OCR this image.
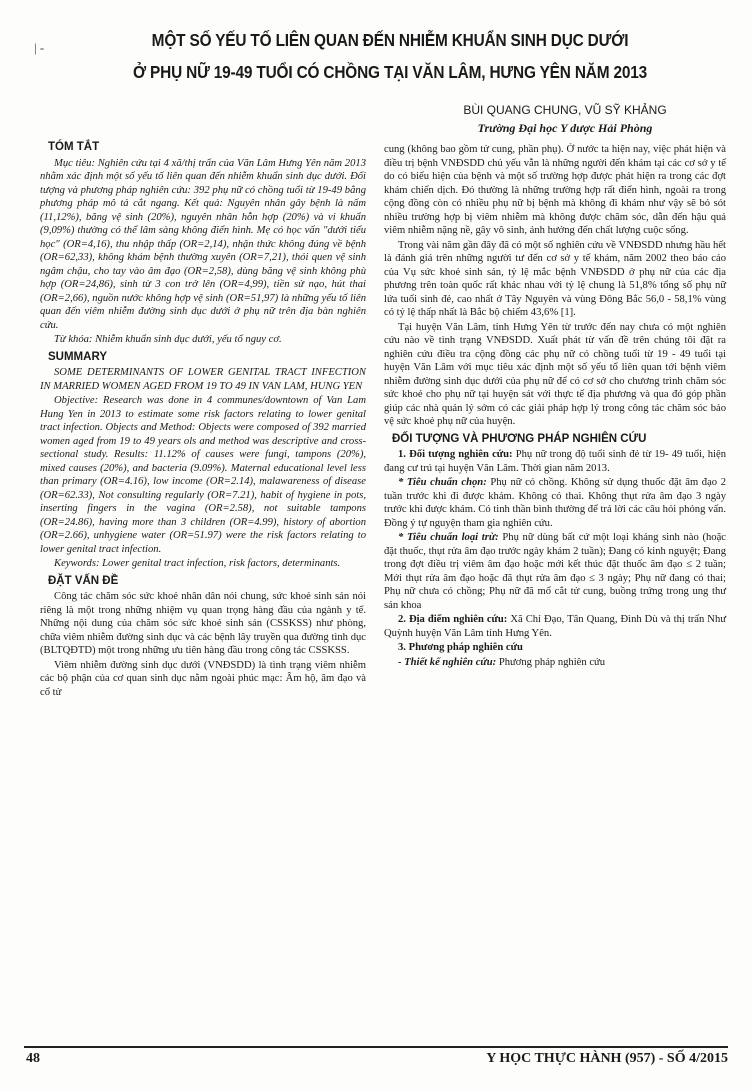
| -	MỘT SỐ YẾU TỐ LIÊN QUAN ĐẾN NHIỄM KHUẨN SINH DỤC DƯỚI
Ở PHỤ NỮ 19-49 TUỔI CÓ CHỒNG TẠI VĂN LÂM, HƯNG YÊN NĂM 2013
BÙI QUANG CHUNG, VŨ SỸ KHẢNG
Trường Đại học Y dược Hải Phòng
TÓM TẮT

Mục tiêu: Nghiên cứu tại 4 xã/thị trấn của Văn Lâm Hưng Yên năm 2013 nhằm xác định một số yếu tố liên quan đến nhiễm khuẩn sinh dục dưới. Đối tượng và phương pháp nghiên cứu: 392 phụ nữ có chồng tuổi từ 19-49 bằng phương pháp mô tả cắt ngang. Kết quả: Nguyên nhân gây bệnh là nấm (11,12%), băng vệ sinh (20%), nguyên nhân hỗn hợp (20%) và vi khuẩn (9,09%) thường có thể lâm sàng không điển hình. Mẹ có học vấn "dưới tiểu học" (OR=4,16), thu nhập thấp (OR=2,14), nhận thức không đúng về bệnh (OR=62,33), không khám bệnh thường xuyên (OR=7,21), thói quen vệ sinh ngâm chậu, cho tay vào âm đạo (OR=2,58), dùng băng vệ sinh không phù hợp (OR=24,86), sinh từ 3 con trở lên (OR=4,99), tiền sử nạo, hút thai (OR=2,66), nguồn nước không hợp vệ sinh (OR=51,97) là những yếu tố liên quan đến viêm nhiễm đường sinh dục dưới ở phụ nữ trên địa bàn nghiên cứu.

Từ khóa: Nhiễm khuẩn sinh dục dưới, yếu tố nguy cơ.

SUMMARY

SOME DETERMINANTS OF LOWER GENITAL TRACT INFECTION IN MARRIED WOMEN AGED FROM 19 TO 49 IN VAN LAM, HUNG YEN

Objective: Research was done in 4 communes/downtown of Van Lam Hung Yen in 2013 to estimate some risk factors relating to lower genital tract infection. Objects and Method: Objects were composed of 392 married women aged from 19 to 49 years ols and method was descriptive and cross-sectional study. Results: 11.12% of causes were fungi, tampons (20%), mixed causes (20%), and bacteria (9.09%). Maternal educational level less than primary (OR=4.16), low income (OR=2.14), malawareness of disease (OR=62.33), Not consulting regularly (OR=7.21), habit of hygiene in pots, inserting fingers in the vagina (OR=2.58), not suitable tampons (OR=24.86), having more than 3 children (OR=4.99), history of abortion (OR=2.66), unhygiene water (OR=51.97) were the risk factors relating to lower genital tract infection.

Keywords: Lower genital tract infection, risk factors, determinants.

ĐẶT VẤN ĐỀ

Công tác chăm sóc sức khoẻ nhân dân nói chung, sức khoẻ sinh sản nói riêng là một trong những nhiệm vụ quan trọng hàng đầu của ngành y tế. Những nội dung của chăm sóc sức khoẻ sinh sản (CSSKSS) như phòng, chữa viêm nhiễm đường sinh dục và các bệnh lây truyền qua đường tình dục (BLTQĐTD) một trong những ưu tiên hàng đầu trong công tác CSSKSS.

Viêm nhiễm đường sinh dục dưới (VNĐSDD) là tình trạng viêm nhiễm các bộ phận của cơ quan sinh dục nằm ngoài phúc mạc: Âm hộ, âm đạo và cổ tử

cung (không bao gồm tử cung, phần phụ). Ở nước ta hiện nay, việc phát hiện và điều trị bệnh VNĐSDD chủ yếu vẫn là những người đến khám tại các cơ sở y tế do có biểu hiện của bệnh và một số trường hợp được phát hiện ra trong các đợt khám chiến dịch. Đó thường là những trường hợp rất điển hình, ngoài ra trong cộng đồng còn có nhiều phụ nữ bị bệnh mà không đi khám như vậy sẽ bỏ sót nhiều trường hợp bị viêm nhiễm mà không được chăm sóc, dẫn đến hậu quả viêm nhiễm nặng nề, gây vô sinh, ảnh hưởng đến chất lượng cuộc sống.

Trong vài năm gần đây đã có một số nghiên cứu về VNĐSDD nhưng hầu hết là đánh giá trên những người tư đến cơ sở y tế khám, năm 2002 theo báo cáo của Vụ sức khoẻ sinh sản, tỷ lệ mắc bệnh VNĐSDD ở phụ nữ của các địa phương trên toàn quốc rất khác nhau với tỷ lệ chung là 51,8% tổng số phụ nữ lứa tuổi sinh đẻ, cao nhất ở Tây Nguyên và vùng Đông Bắc 56,0 - 58,1% vùng có tỷ lệ thấp nhất là Bắc bộ chiếm 43,6% [1].

Tại huyện Văn Lâm, tỉnh Hưng Yên từ trước đến nay chưa có một nghiên cứu nào về tình trạng VNĐSDD. Xuất phát từ vấn đề trên chúng tôi đặt ra nghiên cứu điều tra cộng đồng các phụ nữ có chồng tuổi từ 19 - 49 tuổi tại huyện Văn Lâm với mục tiêu xác định một số yếu tố liên quan tới bệnh viêm nhiễm đường sinh dục dưới của phụ nữ để có cơ sở cho chương trình chăm sóc sức khoẻ cho phụ nữ tại huyện sát với thực tế địa phương và qua đó góp phần giúp các nhà quản lý sớm có các giải pháp hợp lý trong công tác chăm sóc bảo vệ sức khoẻ phụ nữ của huyện.

ĐỐI TƯỢNG VÀ PHƯƠNG PHÁP NGHIÊN CỨU

1. Đối tượng nghiên cứu: Phụ nữ trong độ tuổi sinh đẻ từ 19- 49 tuổi, hiện đang cư trú tại huyện Văn Lâm. Thời gian năm 2013.

* Tiêu chuẩn chọn: Phụ nữ có chồng. Không sử dụng thuốc đặt âm đạo 2 tuần trước khi đi được khám. Không có thai. Không thụt rửa âm đạo 3 ngày trước khi được khám. Có tinh thần bình thường để trả lời các câu hỏi phỏng vấn. Đồng ý tự nguyện tham gia nghiên cứu.

* Tiêu chuẩn loại trừ: Phụ nữ dùng bất cứ một loại kháng sinh nào (hoặc đặt thuốc, thụt rửa âm đạo trước ngày khám 2 tuần); Đang có kinh nguyệt; Đang trong đợt điều trị viêm âm đạo hoặc mới kết thúc đặt thuốc âm đạo ≤ 2 tuần; Mới thụt rửa âm đạo hoặc đã thụt rửa âm đạo ≤ 3 ngày; Phụ nữ đang có thai; Phụ nữ chưa có chồng; Phụ nữ đã mổ cắt tử cung, buồng trứng trong ung thư sản khoa

2. Địa điểm nghiên cứu: Xã Chỉ Đạo, Tân Quang, Đình Dù và thị trấn Như Quỳnh huyện Văn Lâm tỉnh Hưng Yên.

3. Phương pháp nghiên cứu

- Thiết kế nghiên cứu: Phương pháp nghiên cứu

48	Y HỌC THỰC HÀNH (957) - SỐ 4/2015
